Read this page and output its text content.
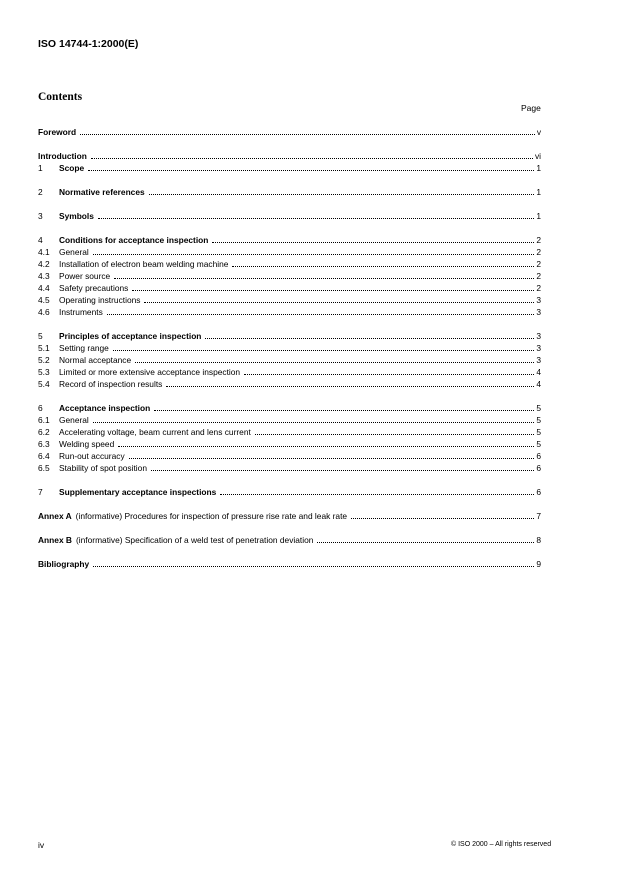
ISO 14744-1:2000(E)
Contents
Page
Foreword	v
Introduction	vi
1	Scope	1
2	Normative references	1
3	Symbols	1
4	Conditions for acceptance inspection	2
4.1	General	2
4.2	Installation of electron beam welding machine	2
4.3	Power source	2
4.4	Safety precautions	2
4.5	Operating instructions	3
4.6	Instruments	3
5	Principles of acceptance inspection	3
5.1	Setting range	3
5.2	Normal acceptance	3
5.3	Limited or more extensive acceptance inspection	4
5.4	Record of inspection results	4
6	Acceptance inspection	5
6.1	General	5
6.2	Accelerating voltage, beam current and lens current	5
6.3	Welding speed	5
6.4	Run-out accuracy	6
6.5	Stability of spot position	6
7	Supplementary acceptance inspections	6
Annex A (informative) Procedures for inspection of pressure rise rate and leak rate	7
Annex B (informative) Specification of a weld test of penetration deviation	8
Bibliography	9
iv	© ISO 2000 – All rights reserved
